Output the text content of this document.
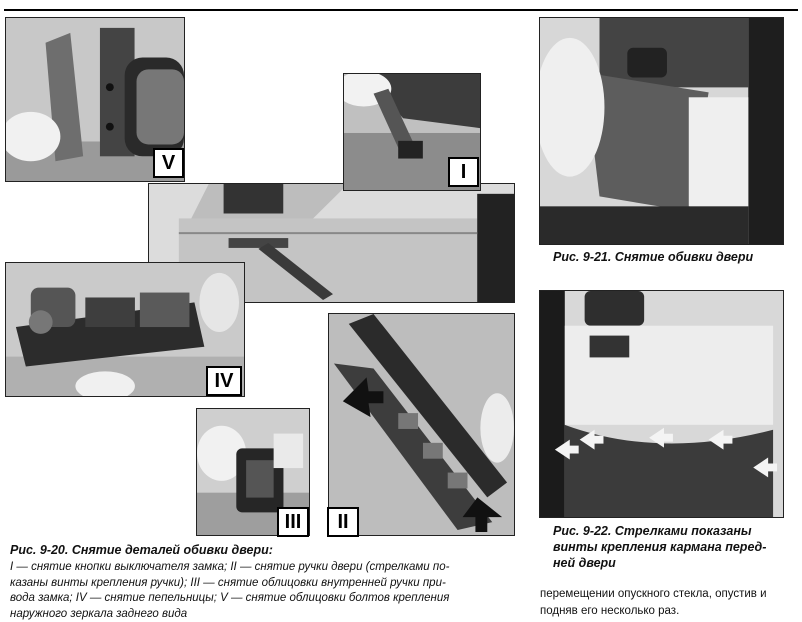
V	I
IV
III	II
Рис. 9-21. Снятие обивки двери
Рис. 9-20. Снятие деталей обивки двери:
I — снятие кнопки выключателя замка; II — снятие ручки двери (стрелками по-
казаны винты крепления ручки); III — снятие облицовки внутренней ручки при-
вода замка; IV — снятие пепельницы; V — снятие облицовки болтов крепления
наружного зеркала заднего вида
Рис. 9-22. Стрелками показаны
винты крепления кармана перед-
ней двери
перемещении опускного стекла, опустив и
подняв его несколько раз.
